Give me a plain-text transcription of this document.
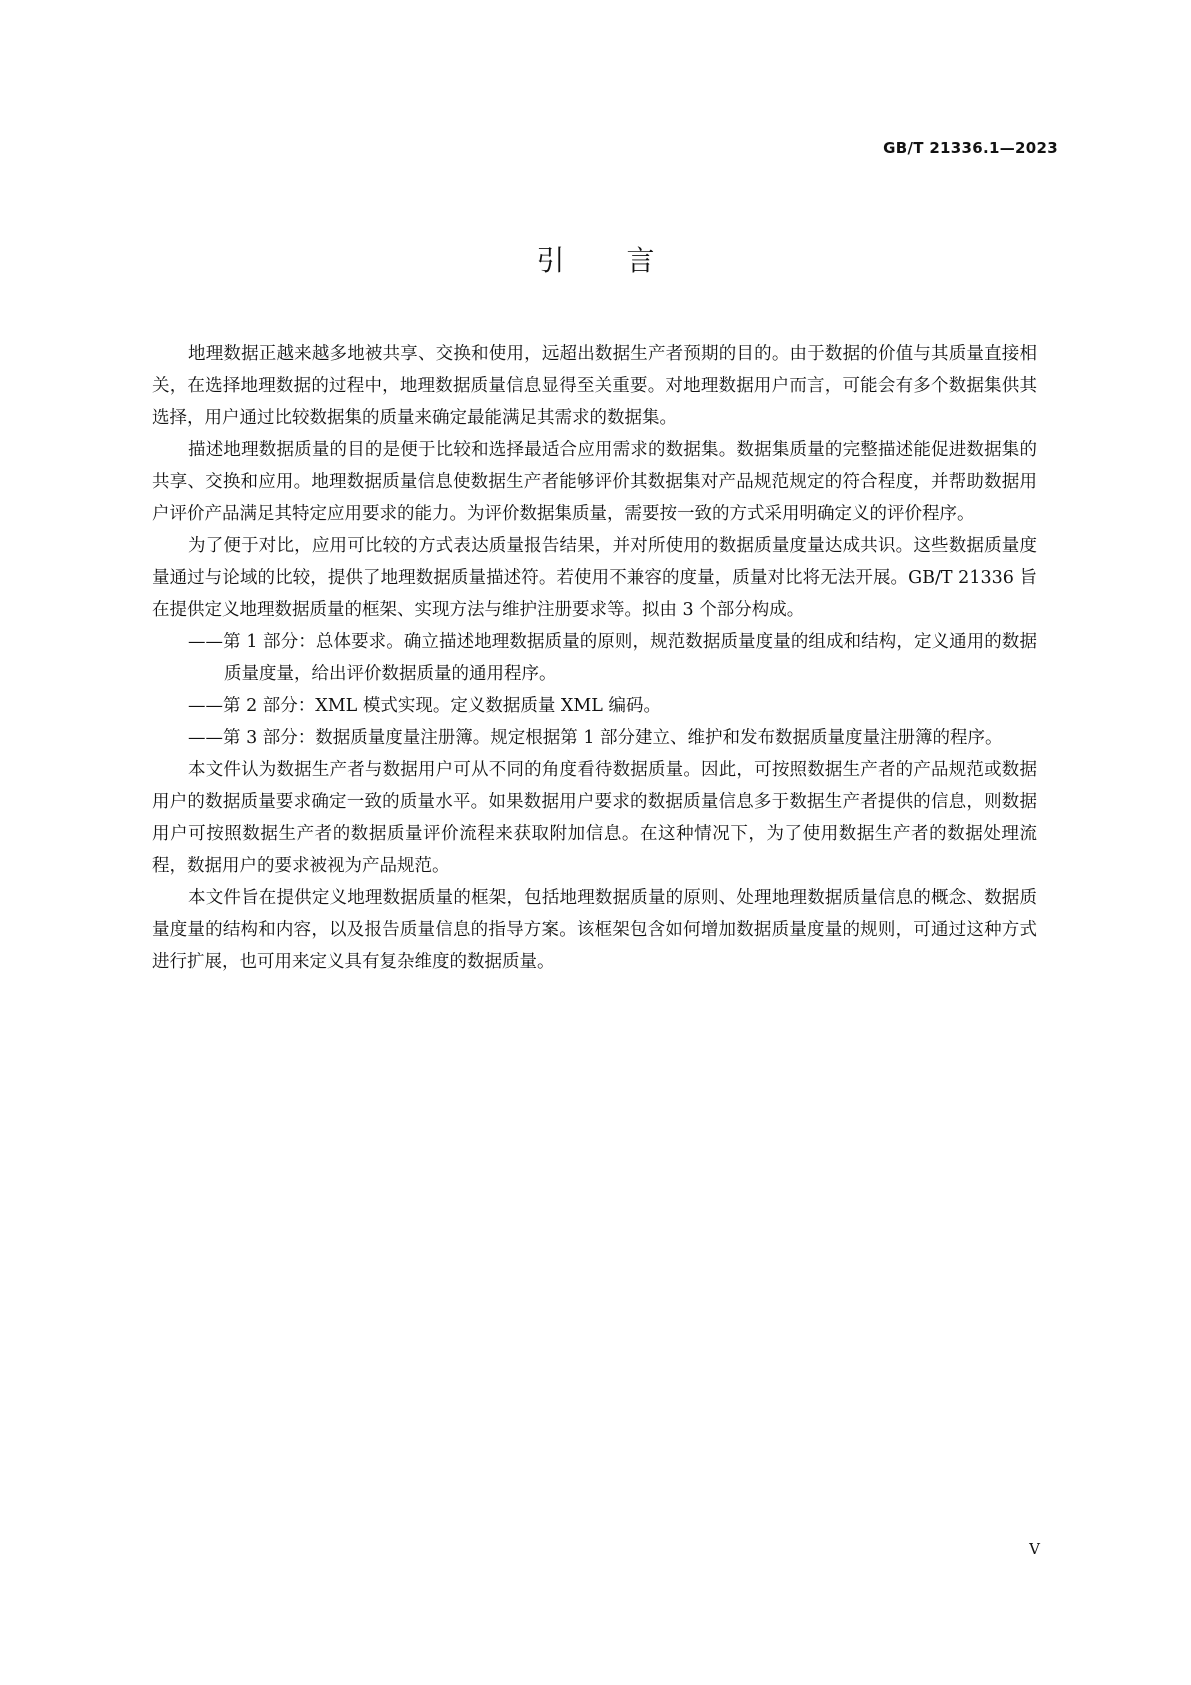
GB/T 21336.1—2023
引 言

地理数据正越来越多地被共享、交换和使用，远超出数据生产者预期的目的。由于数据的价值与其质量直接相关，在选择地理数据的过程中，地理数据质量信息显得至关重要。对地理数据用户而言，可能会有多个数据集供其选择，用户通过比较数据集的质量来确定最能满足其需求的数据集。

描述地理数据质量的目的是便于比较和选择最适合应用需求的数据集。数据集质量的完整描述能促进数据集的共享、交换和应用。地理数据质量信息使数据生产者能够评价其数据集对产品规范规定的符合程度，并帮助数据用户评价产品满足其特定应用要求的能力。为评价数据集质量，需要按一致的方式采用明确定义的评价程序。

为了便于对比，应用可比较的方式表达质量报告结果，并对所使用的数据质量度量达成共识。这些数据质量度量通过与论域的比较，提供了地理数据质量描述符。若使用不兼容的度量，质量对比将无法开展。GB/T 21336 旨在提供定义地理数据质量的框架、实现方法与维护注册要求等。拟由 3 个部分构成。

——第 1 部分：总体要求。确立描述地理数据质量的原则，规范数据质量度量的组成和结构，定义通用的数据质量度量，给出评价数据质量的通用程序。

——第 2 部分：XML 模式实现。定义数据质量 XML 编码。

——第 3 部分：数据质量度量注册簿。规定根据第 1 部分建立、维护和发布数据质量度量注册簿的程序。

本文件认为数据生产者与数据用户可从不同的角度看待数据质量。因此，可按照数据生产者的产品规范或数据用户的数据质量要求确定一致的质量水平。如果数据用户要求的数据质量信息多于数据生产者提供的信息，则数据用户可按照数据生产者的数据质量评价流程来获取附加信息。在这种情况下，为了使用数据生产者的数据处理流程，数据用户的要求被视为产品规范。

本文件旨在提供定义地理数据质量的框架，包括地理数据质量的原则、处理地理数据质量信息的概念、数据质量度量的结构和内容，以及报告质量信息的指导方案。该框架包含如何增加数据质量度量的规则，可通过这种方式进行扩展，也可用来定义具有复杂维度的数据质量。

V
